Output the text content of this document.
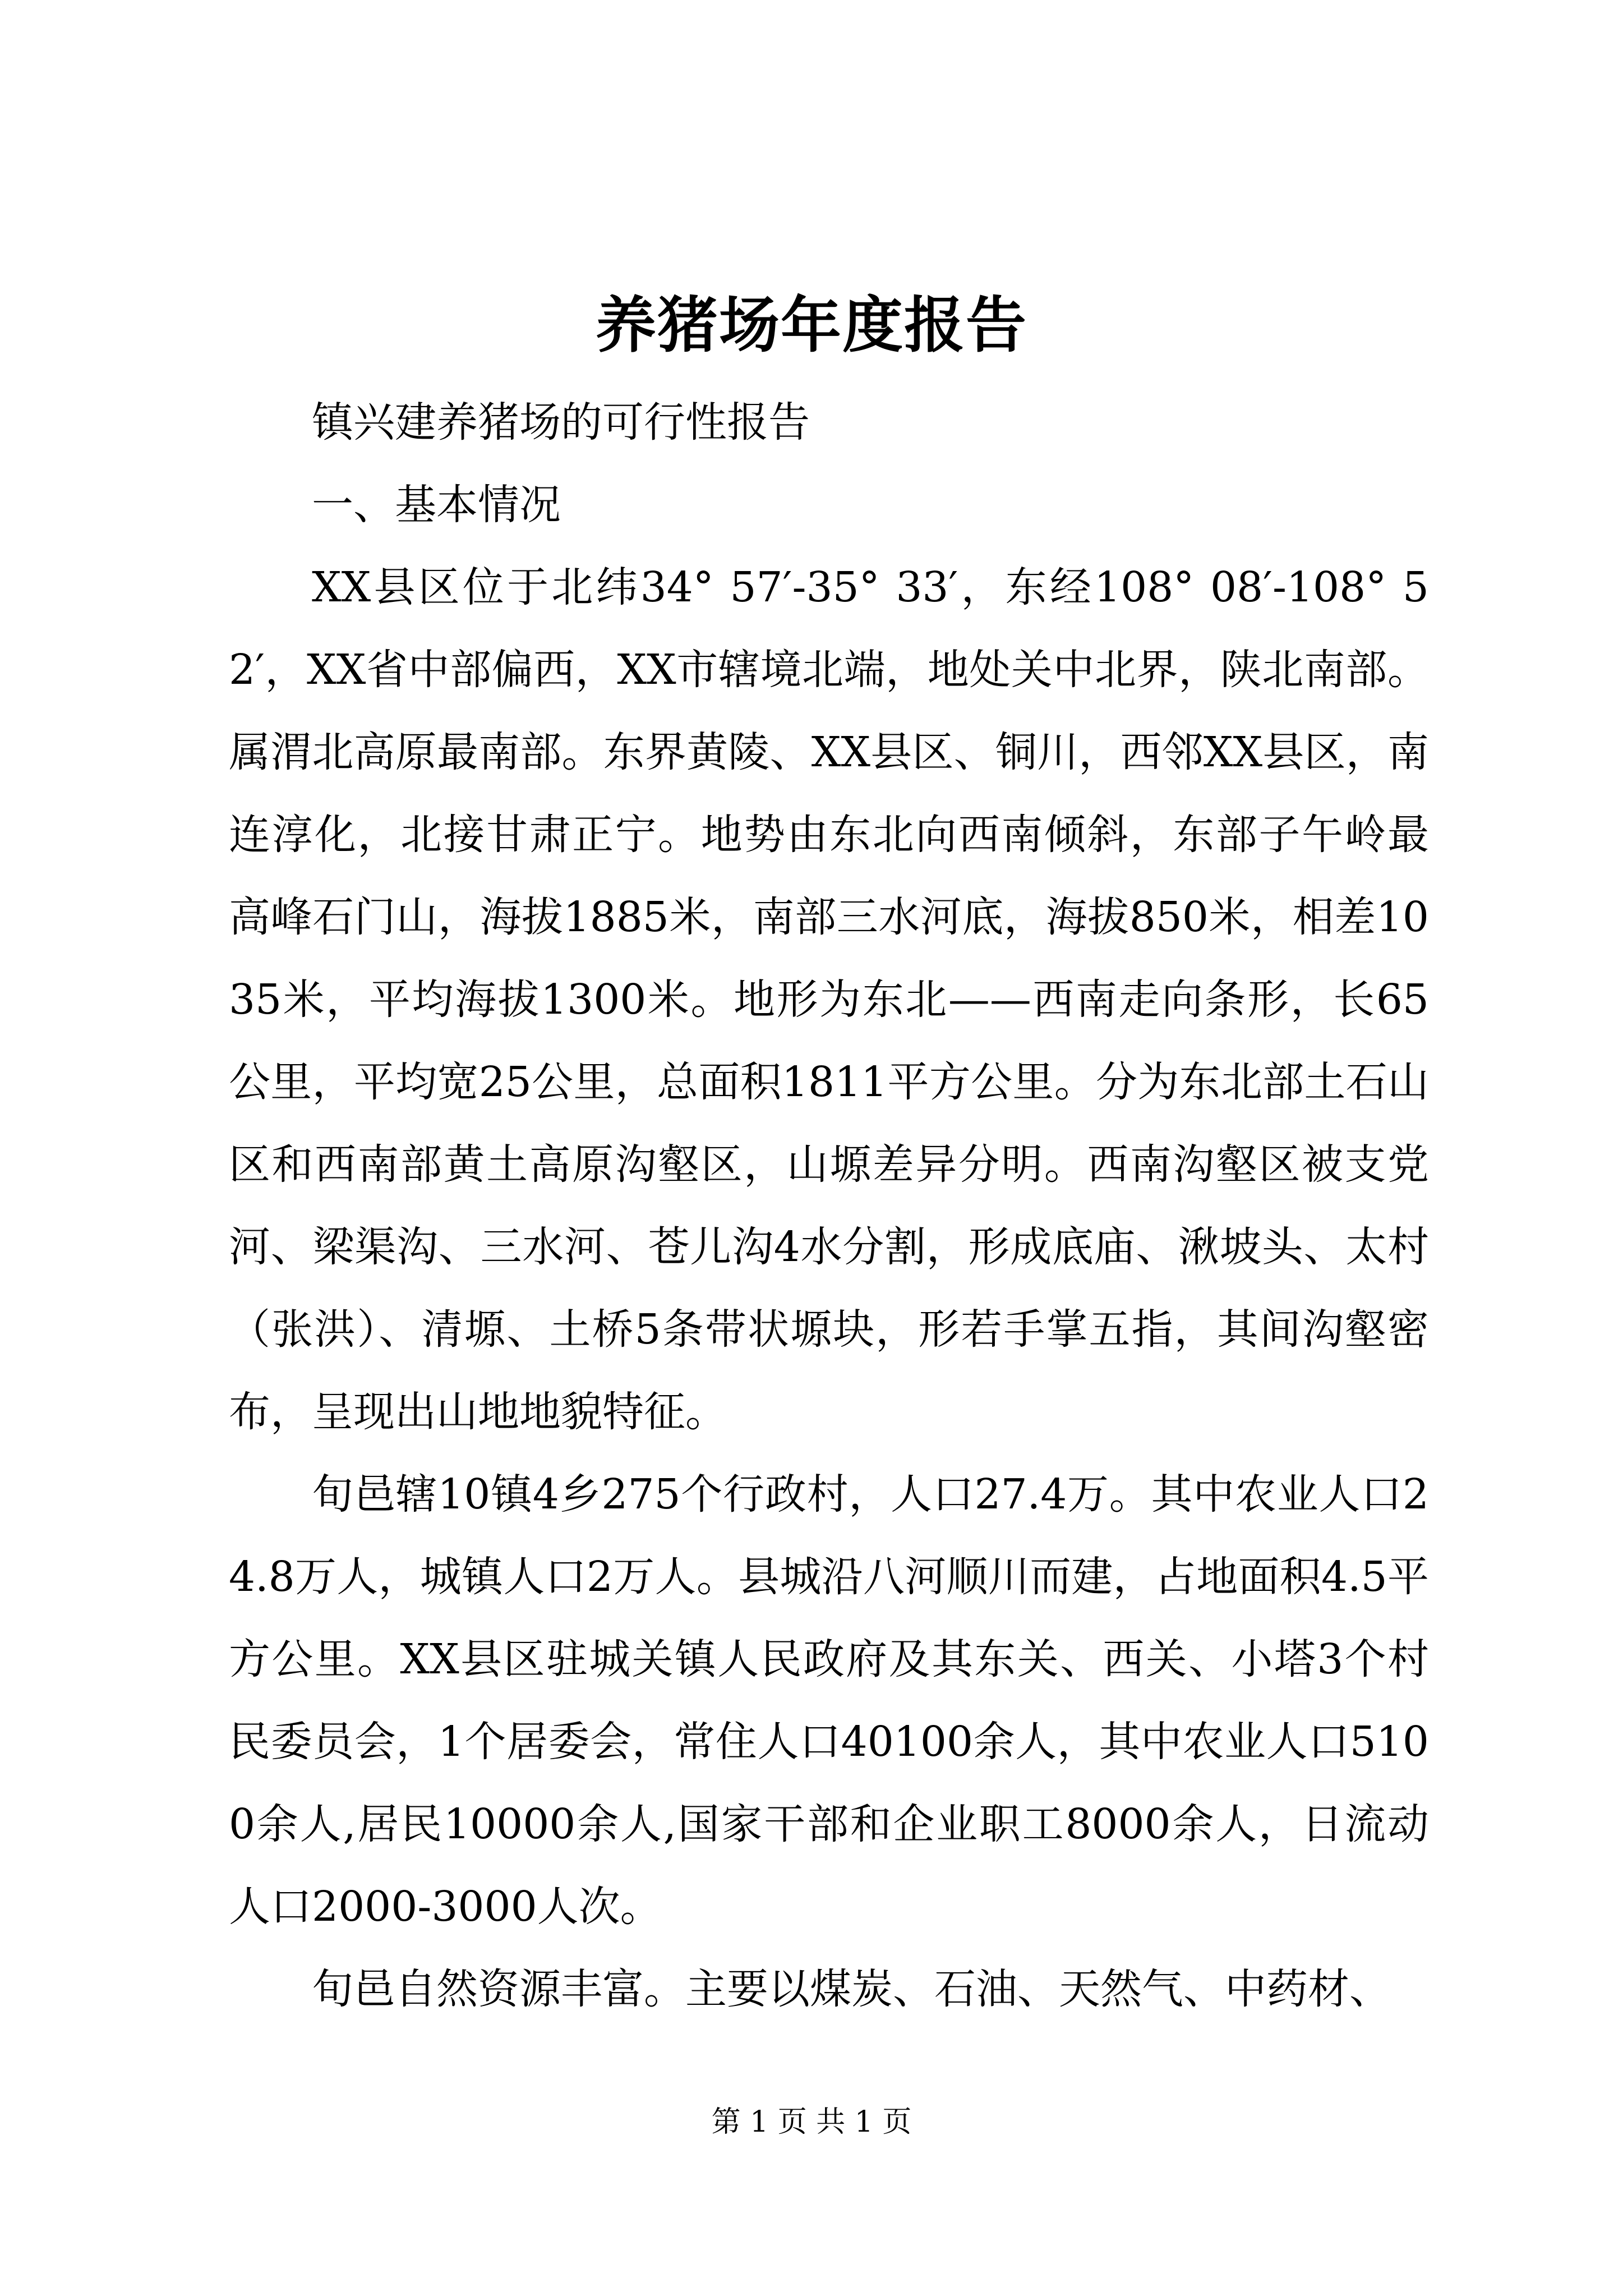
养猪场年度报告

镇兴建养猪场的可行性报告

一、基本情况

XX县区位于北纬34° 57′-35° 33′，东经108° 08′-108° 52′，XX省中部偏西，XX市辖境北端，地处关中北界，陕北南部。属渭北高原最南部。东界黄陵、XX县区、铜川，西邻XX县区，南连淳化，北接甘肃正宁。地势由东北向西南倾斜，东部子午岭最高峰石门山，海拔1885米，南部三水河底，海拔850米，相差1035米，平均海拔1300米。地形为东北——西南走向条形，长65公里，平均宽25公里，总面积1811平方公里。分为东北部土石山区和西南部黄土高原沟壑区，山塬差异分明。西南沟壑区被支党河、梁渠沟、三水河、苍儿沟4水分割，形成底庙、湫坡头、太村（张洪）、清塬、土桥5条带状塬块，形若手掌五指，其间沟壑密布，呈现出山地地貌特征。

旬邑辖10镇4乡275个行政村，人口27.4万。其中农业人口24.8万人，城镇人口2万人。县城沿八河顺川而建，占地面积4.5平方公里。XX县区驻城关镇人民政府及其东关、西关、小塔3个村民委员会，1个居委会，常住人口40100余人，其中农业人口5100余人,居民10000余人,国家干部和企业职工8000余人，日流动人口2000-3000人次。

旬邑自然资源丰富。主要以煤炭、石油、天然气、中药材、

第 1 页 共 1 页
